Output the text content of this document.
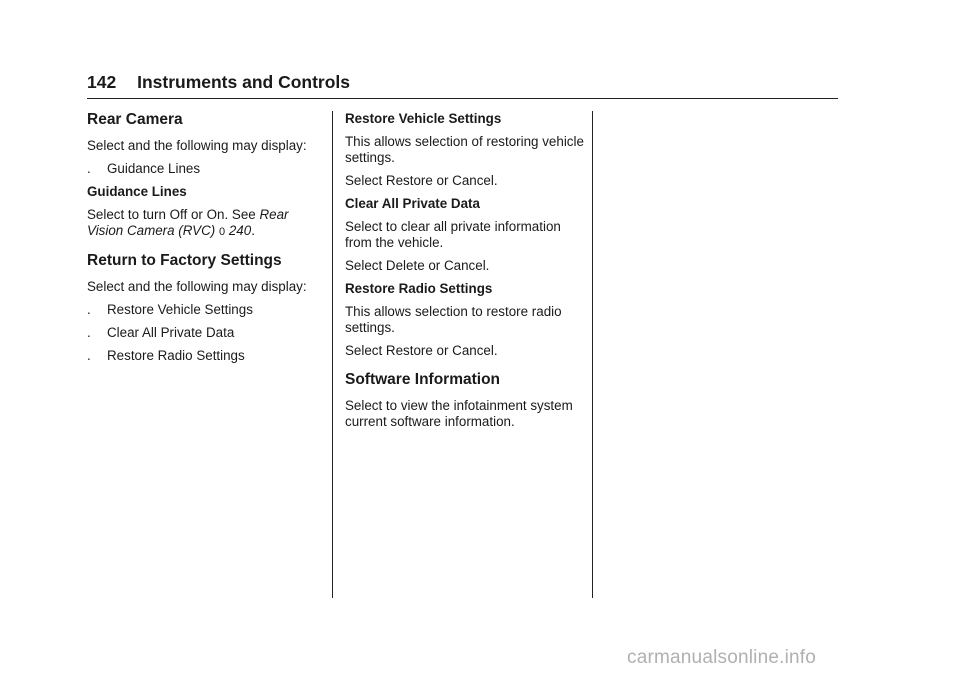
142 Instruments and Controls
Rear Camera

Select and the following may display:

. Guidance Lines
Guidance Lines

Select to turn Off or On. See Rear Vision Camera (RVC) 0 240.

Return to Factory Settings

Select and the following may display:

. Restore Vehicle Settings
. Clear All Private Data
. Restore Radio Settings
Restore Vehicle Settings

This allows selection of restoring vehicle settings.

Select Restore or Cancel.

Clear All Private Data

Select to clear all private information from the vehicle.

Select Delete or Cancel.

Restore Radio Settings

This allows selection to restore radio settings.

Select Restore or Cancel.

Software Information

Select to view the infotainment system current software information.

carmanualsonline.info
